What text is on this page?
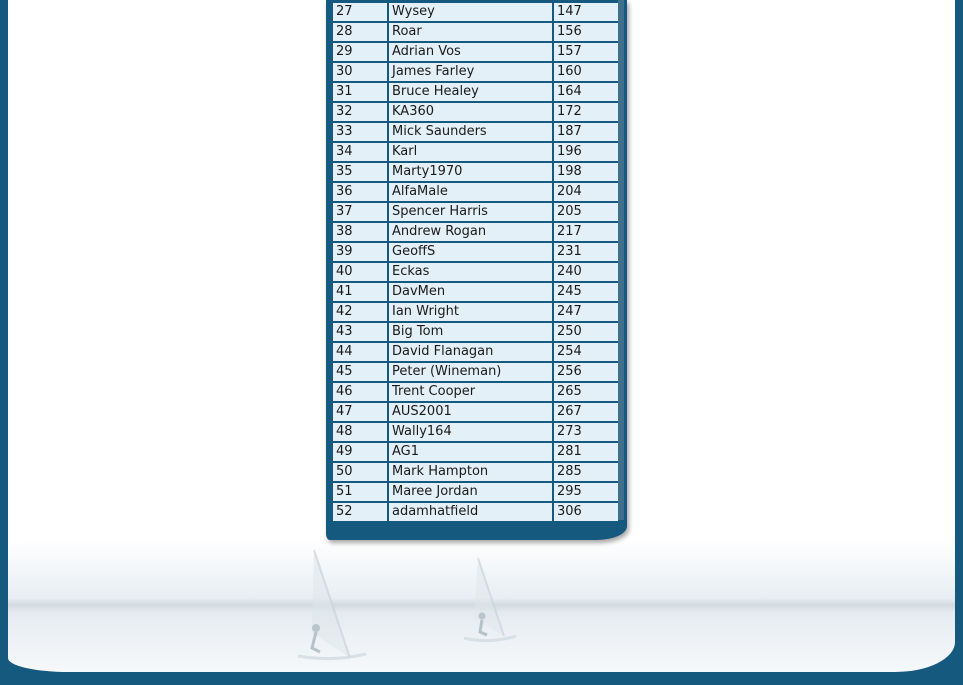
27	Wysey	147
28	Roar	156
29	Adrian Vos	157
30	James Farley	160
31	Bruce Healey	164
32	KA360	172
33	Mick Saunders	187
34	Karl	196
35	Marty1970	198
36	AlfaMale	204
37	Spencer Harris	205
38	Andrew Rogan	217
39	GeoffS	231
40	Eckas	240
41	DavMen	245
42	Ian Wright	247
43	Big Tom	250
44	David Flanagan	254
45	Peter (Wineman)	256
46	Trent Cooper	265
47	AUS2001	267
48	Wally164	273
49	AG1	281
50	Mark Hampton	285
51	Maree Jordan	295
52	adamhatfield	306
